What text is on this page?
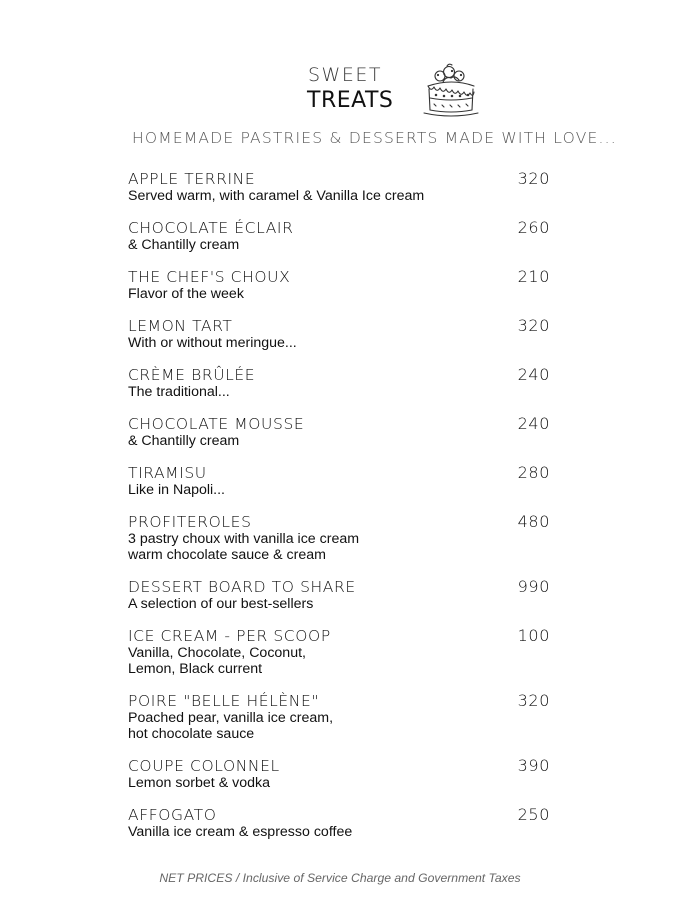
SWEET
TREATS
HOMEMADE PASTRIES & DESSERTS MADE WITH LOVE...
APPLE TERRINE	320
Served warm, with caramel & Vanilla Ice cream
CHOCOLATE ÉCLAIR	260
& Chantilly cream
THE CHEF'S CHOUX	210
Flavor of the week
LEMON TART	320
With or without meringue...
CRÈME BRÛLÉE	240
The traditional...
CHOCOLATE MOUSSE	240
& Chantilly cream
TIRAMISU	280
Like in Napoli...
PROFITEROLES	480
3 pastry choux with vanilla ice cream
warm chocolate sauce & cream
DESSERT BOARD TO SHARE	990
A selection of our best-sellers
ICE CREAM - PER SCOOP	100
Vanilla, Chocolate, Coconut,
Lemon, Black current
POIRE "BELLE HÉLÈNE"	320
Poached pear, vanilla ice cream,
hot chocolate sauce
COUPE COLONNEL	390
Lemon sorbet & vodka
AFFOGATO	250
Vanilla ice cream & espresso coffee
NET PRICES / Inclusive of Service Charge and Government Taxes
